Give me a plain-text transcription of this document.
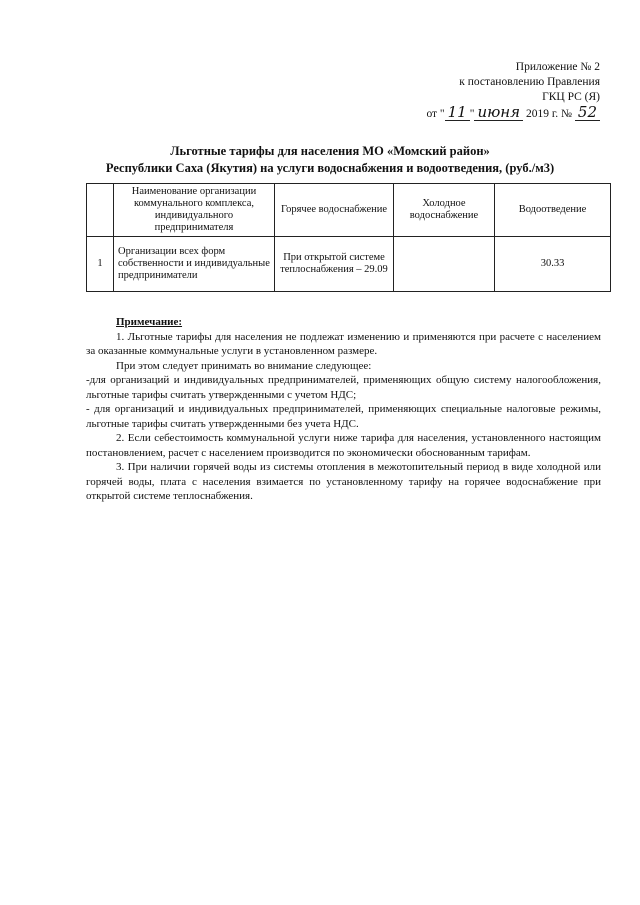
Приложение № 2
к постановлению Правления
ГКЦ РС (Я)
от " 11 " июня 2019 г. № 52
Льготные тарифы для населения МО «Момский район»
Республики Саха (Якутия) на услуги водоснабжения и водоотведения, (руб./м3)
	Наименование организации коммунального комплекса, индивидуального предпринимателя	Горячее водоснабжение	Холодное водоснабжение	Водоотведение
1	Организации всех форм собственности и индивидуальные предприниматели	При открытой системе теплоснабжения – 29.09		30.33

Примечание:

1. Льготные тарифы для населения не подлежат изменению и применяются при расчете с населением за оказанные коммунальные услуги в установленном размере.

При этом следует принимать во внимание следующее:

-для организаций и индивидуальных предпринимателей, применяющих общую систему налогообложения, льготные тарифы считать утвержденными с учетом НДС;

- для организаций и индивидуальных предпринимателей, применяющих специальные налоговые режимы, льготные тарифы считать утвержденными без учета НДС.

2. Если себестоимость коммунальной услуги ниже тарифа для населения, установленного настоящим постановлением, расчет с населением производится по экономически обоснованным тарифам.

3. При наличии горячей воды из системы отопления в межотопительный период в виде холодной или горячей воды, плата с населения взимается по установленному тарифу на горячее водоснабжение при открытой системе теплоснабжения.
